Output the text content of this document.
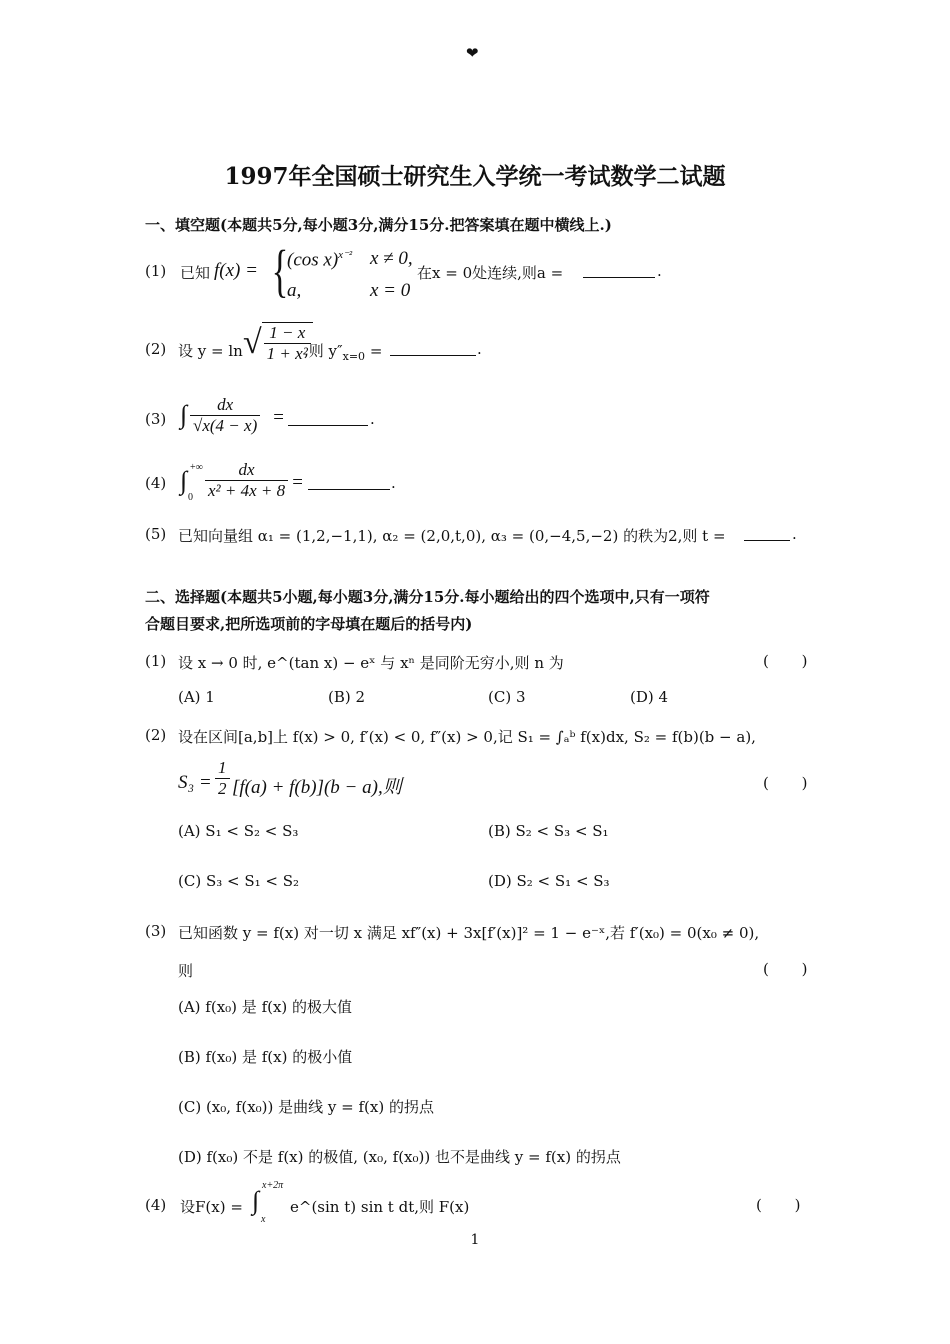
❤
1997年全国硕士研究生入学统一考试数学二试题
一、填空题(本题共5分,每小题3分,满分15分.把答案填在题中横线上.)
(1) 已知 f(x) = {
(cos x)$^{x^{-2}}$ x ≠ 0,
a,	x = 0
在x = 0处连续,则a =	.
(2) 设 y = ln √ $\frac{1 - x}{\text{1 + x²}}$
,则 $y''_{x=0}$ =	.
(3) ∫ $\frac{dx}{√x(4 - x)}$ =	.
(4) ∫ +∞
$0 \frac{dx}{\text{x² + 4x + 8}}$ =	.
(5) 已知向量组 α₁ = (1,2,−1,1), α₂ = (2,0,t,0), α₃ = (0,−4,5,−2) 的秩为2,则 t =	.
二、选择题(本题共5小题,每小题3分,满分15分.每小题给出的四个选项中,只有一项符
合题目要求,把所选项前的字母填在题后的括号内)
(1) 设 x → 0 时, e^(tan x) − eˣ 与 xⁿ 是同阶无穷小,则 n 为	( )
(A) 1	(B) 2	(C) 3	(D) 4
(2) 设在区间[a,b]上 f(x) > 0, f′(x) < 0, f″(x) > 0,记 S₁ = ∫ₐᵇ f(x)dx, S₂ = f(b)(b − a),
$S_3 = \frac{1}{2} [f(a) + f(b)](b - a)$,则	( )
(A) S₁ < S₂ < S₃	(B) S₂ < S₃ < S₁
(C) S₃ < S₁ < S₂	(D) S₂ < S₁ < S₃
(3) 已知函数 y = f(x) 对一切 x 满足 xf″(x) + 3x[f′(x)]² = 1 − e⁻ˣ,若 f′(x₀) = 0(x₀ ≠ 0),
则	( )
(A) f(x₀) 是 f(x) 的极大值
(B) f(x₀) 是 f(x) 的极小值
(C) (x₀, f(x₀)) 是曲线 y = f(x) 的拐点
(D) f(x₀) 不是 f(x) 的极值, (x₀, f(x₀)) 也不是曲线 y = f(x) 的拐点
(4) 设F(x) = ∫
x+2π
x
e^(sin t) sin t dt,则 F(x)	( )
1
